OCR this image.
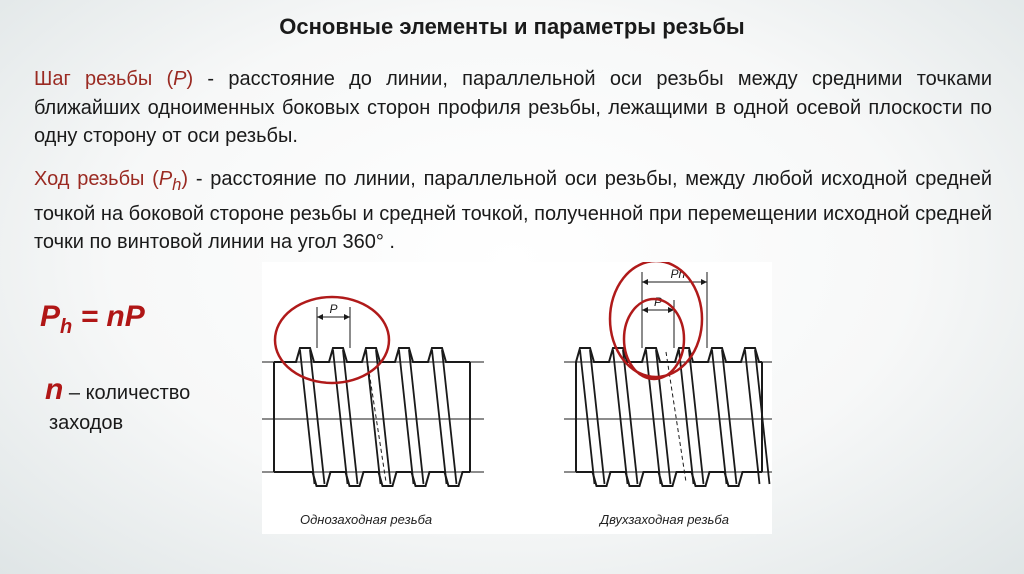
Основные элементы и параметры резьбы
Шаг резьбы (P) - расстояние до линии, параллельной оси резьбы между средними точками ближайших одноименных боковых сторон профиля резьбы, лежащими в одной осевой плоскости по одну сторону от оси резьбы.
Ход резьбы $(P_h)$ - расстояние по линии, параллельной оси резьбы, между любой исходной средней точкой на боковой стороне резьбы и средней точкой, полученной при перемещении исходной средней точки по винтовой линии на угол 360° .
$P_h$ = nP
n – количество
заходов
P	P
Ph
Однозаходная резьба	Двухзаходная резьба
